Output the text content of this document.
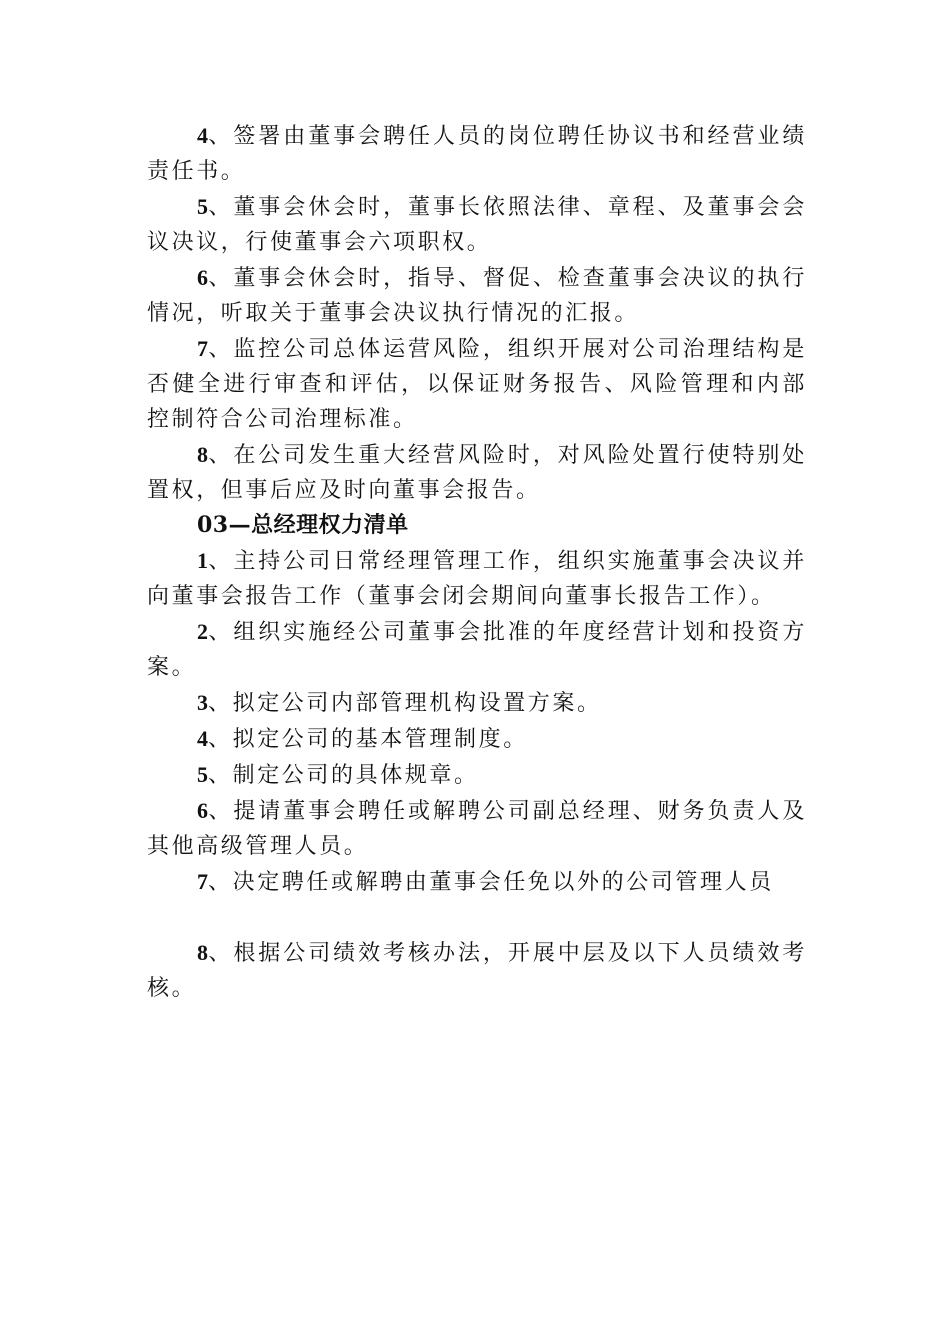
4、签署由董事会聘任人员的岗位聘任协议书和经营业绩责任书。

5、董事会休会时，董事长依照法律、章程、及董事会会议决议，行使董事会六项职权。

6、董事会休会时，指导、督促、检查董事会决议的执行情况，听取关于董事会决议执行情况的汇报。

7、监控公司总体运营风险，组织开展对公司治理结构是否健全进行审查和评估，以保证财务报告、风险管理和内部控制符合公司治理标准。

8、在公司发生重大经营风险时，对风险处置行使特别处置权，但事后应及时向董事会报告。

03—总经理权力清单

1、主持公司日常经理管理工作，组织实施董事会决议并向董事会报告工作（董事会闭会期间向董事长报告工作）。

2、组织实施经公司董事会批准的年度经营计划和投资方案。

3、拟定公司内部管理机构设置方案。

4、拟定公司的基本管理制度。

5、制定公司的具体规章。

6、提请董事会聘任或解聘公司副总经理、财务负责人及其他高级管理人员。

7、决定聘任或解聘由董事会任免以外的公司管理人员

8、根据公司绩效考核办法，开展中层及以下人员绩效考核。
